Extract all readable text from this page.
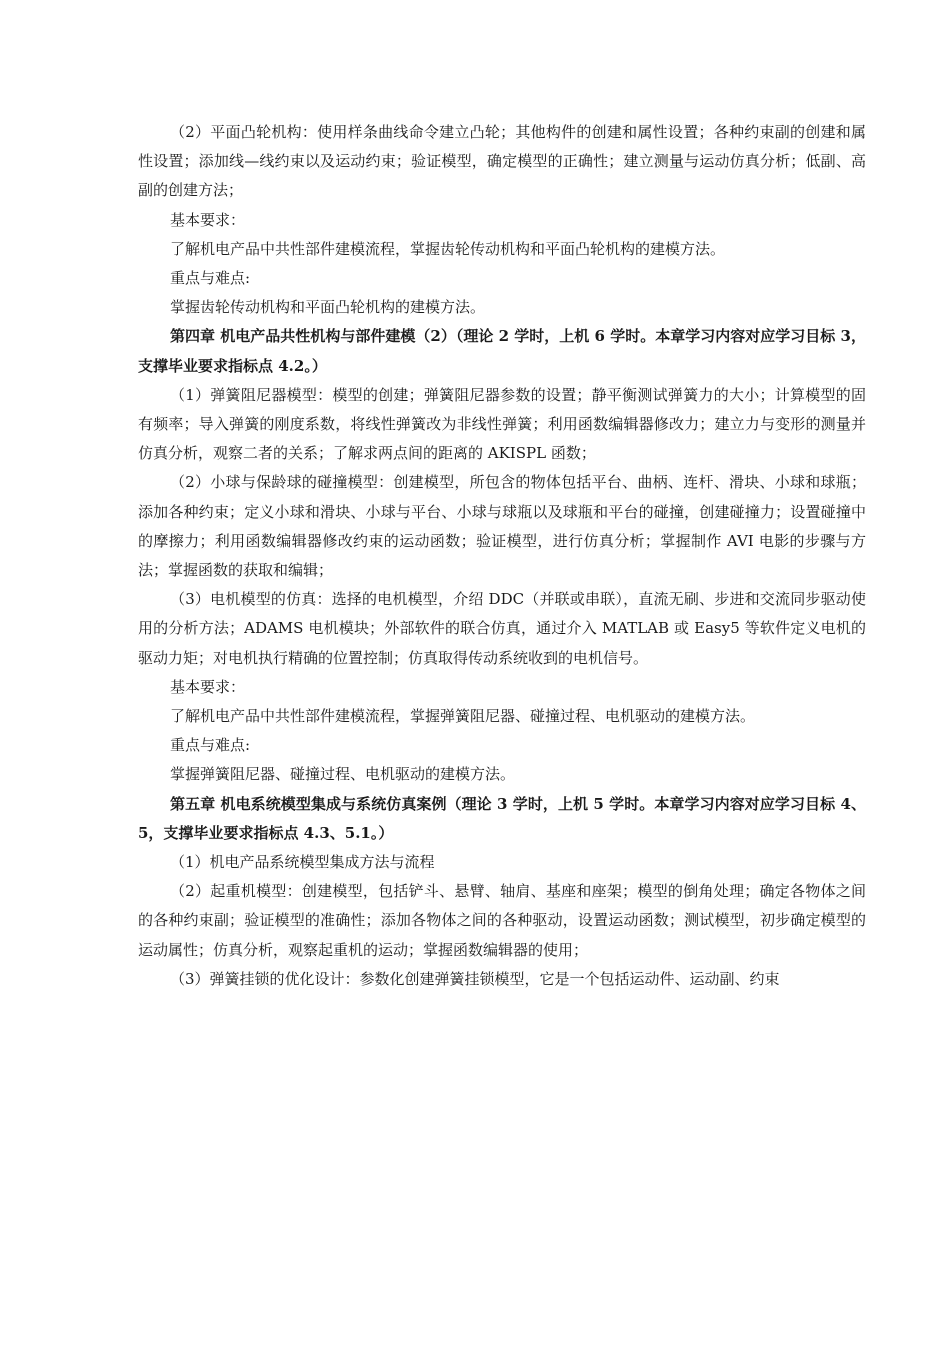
（2）平面凸轮机构：使用样条曲线命令建立凸轮；其他构件的创建和属性设置；各种约束副的创建和属性设置；添加线—线约束以及运动约束；验证模型，确定模型的正确性；建立测量与运动仿真分析；低副、高副的创建方法；

基本要求：

了解机电产品中共性部件建模流程，掌握齿轮传动机构和平面凸轮机构的建模方法。

重点与难点:

掌握齿轮传动机构和平面凸轮机构的建模方法。

第四章 机电产品共性机构与部件建模（2）（理论 2 学时，上机 6 学时。本章学习内容对应学习目标 3，支撑毕业要求指标点 4.2。）

（1）弹簧阻尼器模型：模型的创建；弹簧阻尼器参数的设置；静平衡测试弹簧力的大小；计算模型的固有频率；导入弹簧的刚度系数，将线性弹簧改为非线性弹簧；利用函数编辑器修改力；建立力与变形的测量并仿真分析，观察二者的关系；了解求两点间的距离的 AKISPL 函数；

（2）小球与保龄球的碰撞模型：创建模型，所包含的物体包括平台、曲柄、连杆、滑块、小球和球瓶；添加各种约束；定义小球和滑块、小球与平台、小球与球瓶以及球瓶和平台的碰撞，创建碰撞力；设置碰撞中的摩擦力；利用函数编辑器修改约束的运动函数；验证模型，进行仿真分析；掌握制作 AVI 电影的步骤与方法；掌握函数的获取和编辑；

（3）电机模型的仿真：选择的电机模型，介绍 DDC（并联或串联），直流无刷、步进和交流同步驱动使用的分析方法；ADAMS 电机模块；外部软件的联合仿真，通过介入 MATLAB 或 Easy5 等软件定义电机的驱动力矩；对电机执行精确的位置控制；仿真取得传动系统收到的电机信号。

基本要求：

了解机电产品中共性部件建模流程，掌握弹簧阻尼器、碰撞过程、电机驱动的建模方法。

重点与难点:

掌握弹簧阻尼器、碰撞过程、电机驱动的建模方法。

第五章 机电系统模型集成与系统仿真案例（理论 3 学时，上机 5 学时。本章学习内容对应学习目标 4、5，支撑毕业要求指标点 4.3、5.1。）

（1）机电产品系统模型集成方法与流程

（2）起重机模型：创建模型，包括铲斗、悬臂、轴肩、基座和座架；模型的倒角处理；确定各物体之间的各种约束副；验证模型的准确性；添加各物体之间的各种驱动，设置运动函数；测试模型，初步确定模型的运动属性；仿真分析，观察起重机的运动；掌握函数编辑器的使用；

（3）弹簧挂锁的优化设计：参数化创建弹簧挂锁模型，它是一个包括运动件、运动副、约束
